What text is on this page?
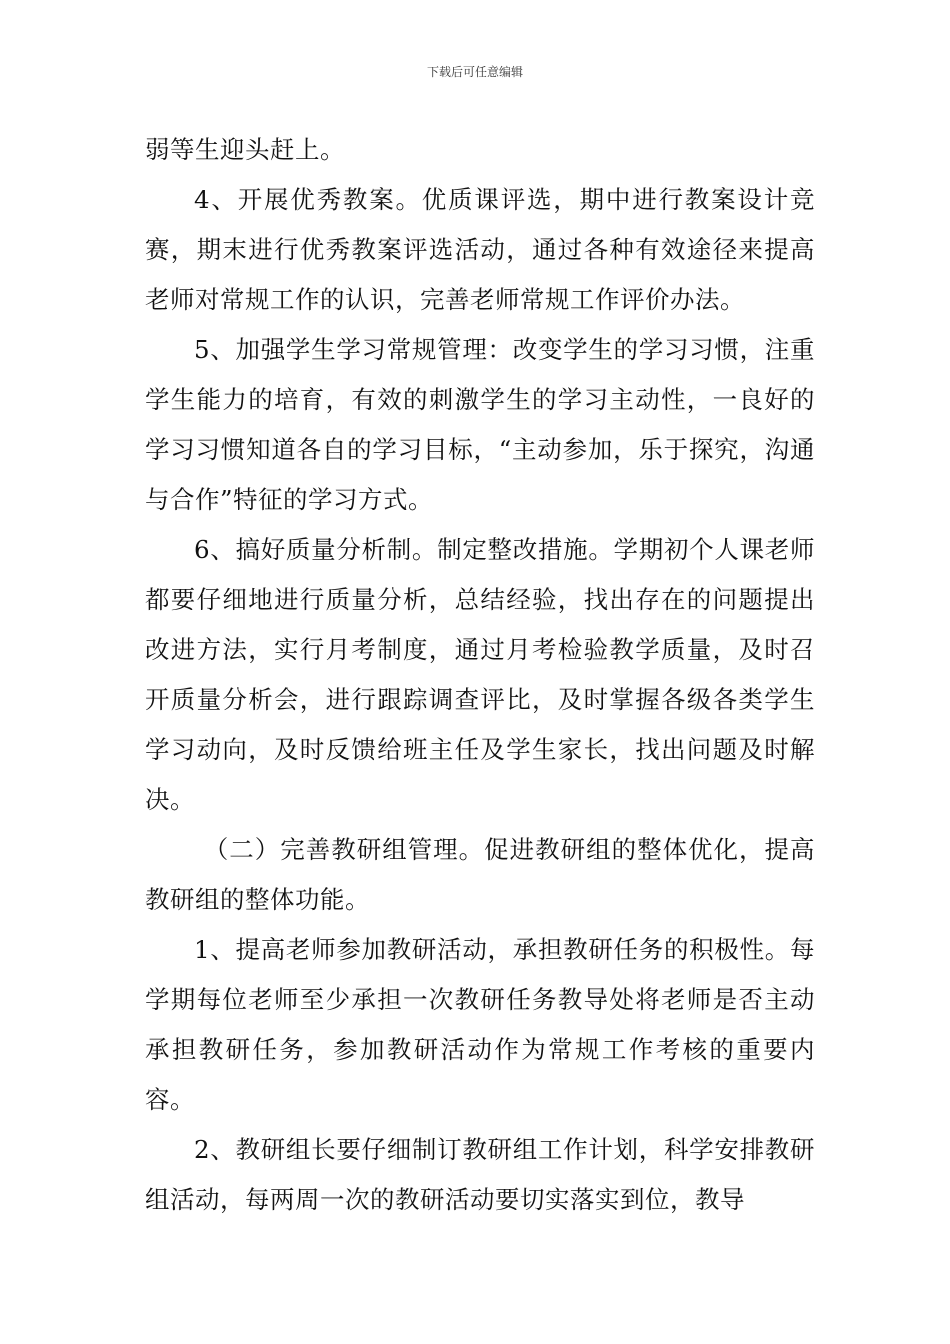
下载后可任意编辑

弱等生迎头赶上。

4、开展优秀教案。优质课评选，期中进行教案设计竞赛，期末进行优秀教案评选活动，通过各种有效途径来提高老师对常规工作的认识，完善老师常规工作评价办法。

5、加强学生学习常规管理：改变学生的学习习惯，注重学生能力的培育，有效的刺激学生的学习主动性，一良好的学习习惯知道各自的学习目标，“主动参加，乐于探究，沟通与合作”特征的学习方式。

6、搞好质量分析制。制定整改措施。学期初个人课老师都要仔细地进行质量分析，总结经验，找出存在的问题提出改进方法，实行月考制度，通过月考检验教学质量，及时召开质量分析会，进行跟踪调查评比，及时掌握各级各类学生学习动向，及时反馈给班主任及学生家长，找出问题及时解决。

（二）完善教研组管理。促进教研组的整体优化，提高教研组的整体功能。

1、提高老师参加教研活动，承担教研任务的积极性。每学期每位老师至少承担一次教研任务教导处将老师是否主动承担教研任务，参加教研活动作为常规工作考核的重要内容。

2、教研组长要仔细制订教研组工作计划，科学安排教研组活动，每两周一次的教研活动要切实落实到位，教导
